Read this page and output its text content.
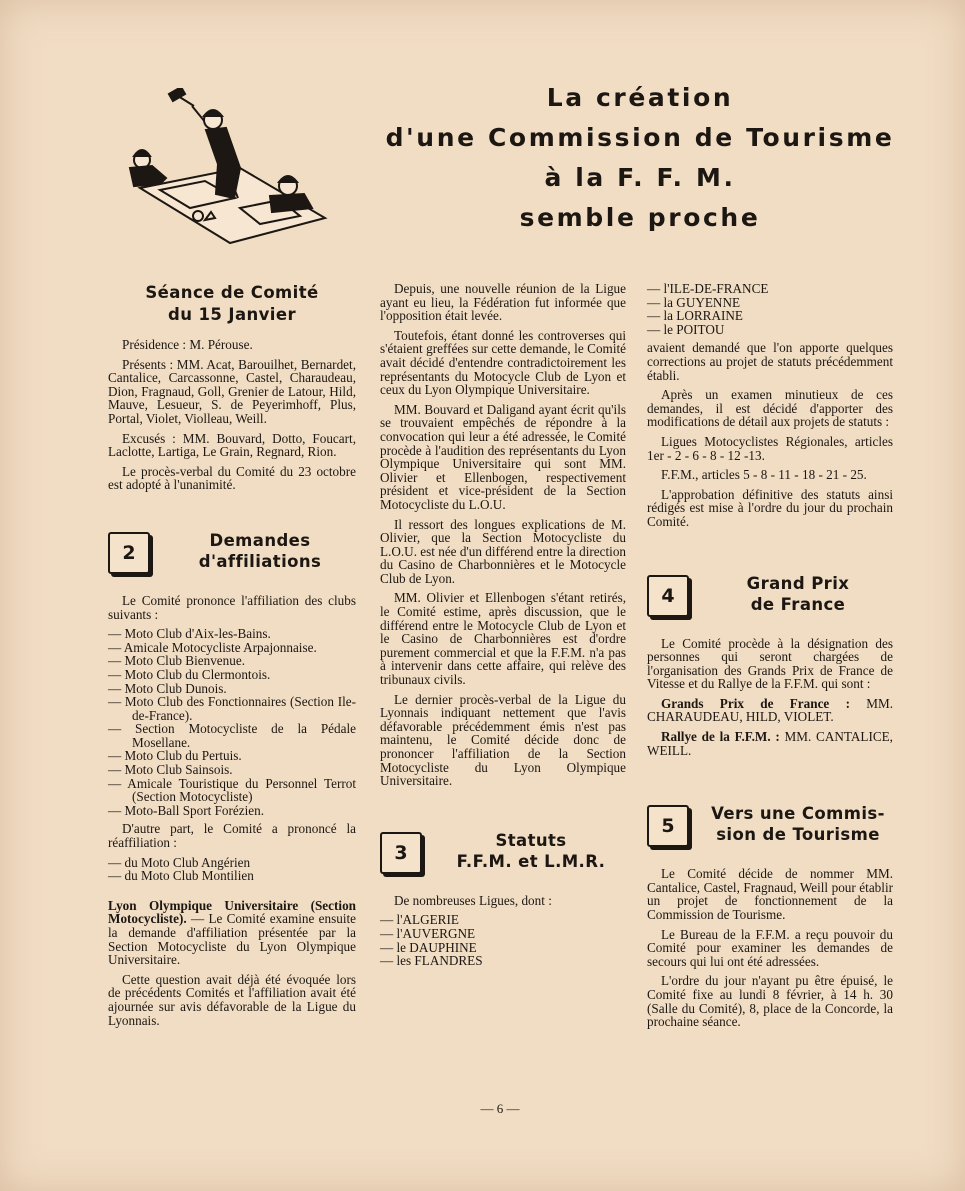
La création
d'une Commission de Tourisme
à la F. F. M.
semble proche
Séance de Comité
du 15 Janvier

Présidence : M. Pérouse.

Présents : MM. Acat, Barouilhet, Bernardet, Cantalice, Carcassonne, Castel, Charaudeau, Dion, Fragnaud, Goll, Grenier de Latour, Hild, Mauve, Lesueur, S. de Peyerimhoff, Plus, Portal, Violet, Violleau, Weill.

Excusés : MM. Bouvard, Dotto, Foucart, Laclotte, Lartiga, Le Grain, Regnard, Rion.

Le procès-verbal du Comité du 23 octobre est adopté à l'unanimité.

2
Demandes
d'affiliations

Le Comité prononce l'affiliation des clubs suivants :

— Moto Club d'Aix-les-Bains.
— Amicale Motocycliste Arpajonnaise.
— Moto Club Bienvenue.
— Moto Club du Clermontois.
— Moto Club Dunois.
— Moto Club des Fonctionnaires (Section Ile-de-France).
— Section Motocycliste de la Pédale Mosellane.
— Moto Club du Pertuis.
— Moto Club Sainsois.
— Amicale Touristique du Personnel Terrot (Section Motocycliste)
— Moto-Ball Sport Forézien.

D'autre part, le Comité a prononcé la réaffiliation :

— du Moto Club Angérien
— du Moto Club Montilien

Lyon Olympique Universitaire (Section Motocycliste). — Le Comité examine ensuite la demande d'affiliation présentée par la Section Motocycliste du Lyon Olympique Universitaire.

Cette question avait déjà été évoquée lors de précédents Comités et l'affiliation avait été ajournée sur avis défavorable de la Ligue du Lyonnais.

Depuis, une nouvelle réunion de la Ligue ayant eu lieu, la Fédération fut informée que l'opposition était levée.

Toutefois, étant donné les controverses qui s'étaient greffées sur cette demande, le Comité avait décidé d'entendre contradictoirement les représentants du Motocycle Club de Lyon et ceux du Lyon Olympique Universitaire.

MM. Bouvard et Daligand ayant écrit qu'ils se trouvaient empêchés de répondre à la convocation qui leur a été adressée, le Comité procède à l'audition des représentants du Lyon Olympique Universitaire qui sont MM. Olivier et Ellenbogen, respectivement président et vice-président de la Section Motocycliste du L.O.U.

Il ressort des longues explications de M. Olivier, que la Section Motocycliste du L.O.U. est née d'un différend entre la direction du Casino de Charbonnières et le Motocycle Club de Lyon.

MM. Olivier et Ellenbogen s'étant retirés, le Comité estime, après discussion, que le différend entre le Motocycle Club de Lyon et le Casino de Charbonnières est d'ordre purement commercial et que la F.F.M. n'a pas à intervenir dans cette affaire, qui relève des tribunaux civils.

Le dernier procès-verbal de la Ligue du Lyonnais indiquant nettement que l'avis défavorable précédemment émis n'est pas maintenu, le Comité décide donc de prononcer l'affiliation de la Section Motocycliste du Lyon Olympique Universitaire.

3
Statuts
F.F.M. et L.M.R.

De nombreuses Ligues, dont :

— l'ALGERIE
— l'AUVERGNE
— le DAUPHINE
— les FLANDRES
— l'ILE-DE-FRANCE
— la GUYENNE
— la LORRAINE
— le POITOU

avaient demandé que l'on apporte quelques corrections au projet de statuts précédemment établi.

Après un examen minutieux de ces demandes, il est décidé d'apporter des modifications de détail aux projets de statuts :

Ligues Motocyclistes Régionales, articles 1er - 2 - 6 - 8 - 12 -13.

F.F.M., articles 5 - 8 - 11 - 18 - 21 - 25.

L'approbation définitive des statuts ainsi rédigés est mise à l'ordre du jour du prochain Comité.

4
Grand Prix
de France

Le Comité procède à la désignation des personnes qui seront chargées de l'organisation des Grands Prix de France de Vitesse et du Rallye de la F.F.M. qui sont :

Grands Prix de France : MM. CHARAUDEAU, HILD, VIOLET.

Rallye de la F.F.M. : MM. CANTALICE, WEILL.

5
Vers une Commis-
sion de Tourisme

Le Comité décide de nommer MM. Cantalice, Castel, Fragnaud, Weill pour établir un projet de fonctionnement de la Commission de Tourisme.

Le Bureau de la F.F.M. a reçu pouvoir du Comité pour examiner les demandes de secours qui lui ont été adressées.

L'ordre du jour n'ayant pu être épuisé, le Comité fixe au lundi 8 février, à 14 h. 30 (Salle du Comité), 8, place de la Concorde, la prochaine séance.

— 6 —
